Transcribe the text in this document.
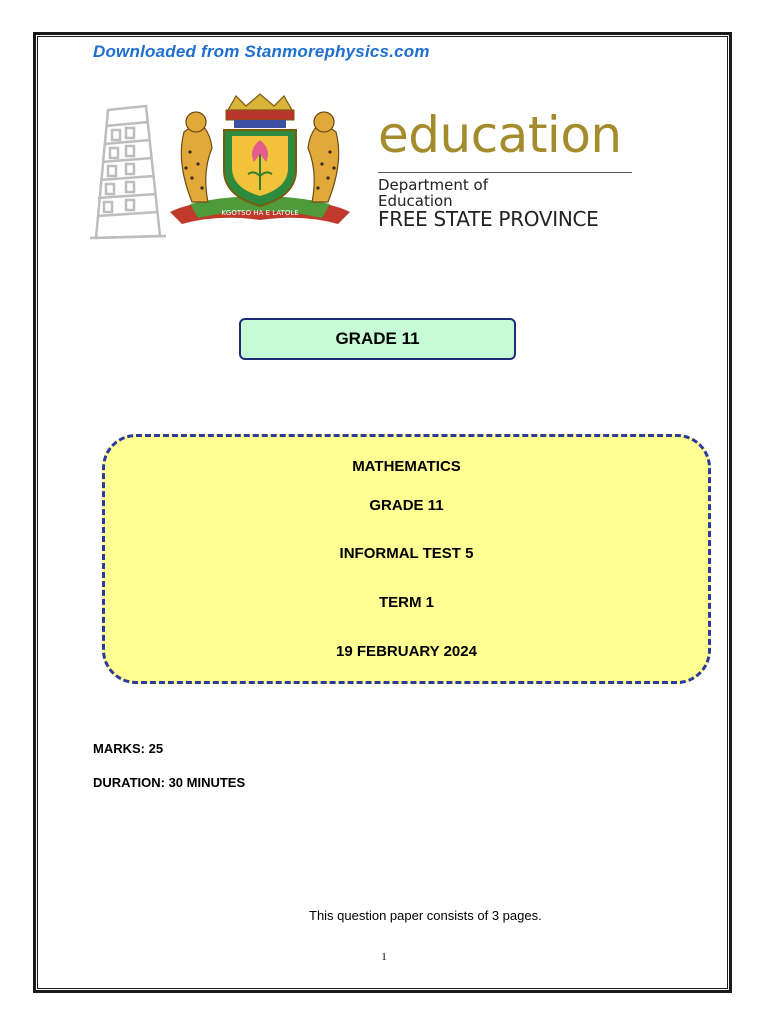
Downloaded from Stanmorephysics.com
KGOTSO HA E LATOLE
education
Department of
Education
FREE STATE PROVINCE
GRADE 11
MATHEMATICS
GRADE 11
INFORMAL TEST 5
TERM 1
19 FEBRUARY 2024
MARKS: 25
DURATION: 30 MINUTES
This question paper consists of 3 pages.
1
